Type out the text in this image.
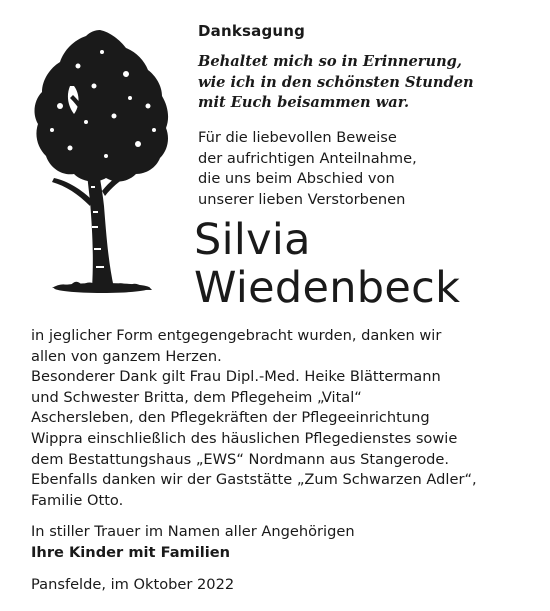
Danksagung

Behaltet mich so in Erinnerung,
wie ich in den schönsten Stunden
mit Euch beisammen war.

Für die liebevollen Beweise
der aufrichtigen Anteilnahme,
die uns beim Abschied von
unserer lieben Verstorbenen

Silvia
Wiedenbeck

in jeglicher Form entgegengebracht wurden, danken wir
allen von ganzem Herzen.
Besonderer Dank gilt Frau Dipl.-Med. Heike Blättermann
und Schwester Britta, dem Pflegeheim „Vital“
Aschersleben, den Pflegekräften der Pflegeeinrichtung
Wippra einschließlich des häuslichen Pflegedienstes sowie
dem Bestattungshaus „EWS“ Nordmann aus Stangerode.
Ebenfalls danken wir der Gaststätte „Zum Schwarzen Adler“,
Familie Otto.

In stiller Trauer im Namen aller Angehörigen
Ihre Kinder mit Familien

Pansfelde, im Oktober 2022
